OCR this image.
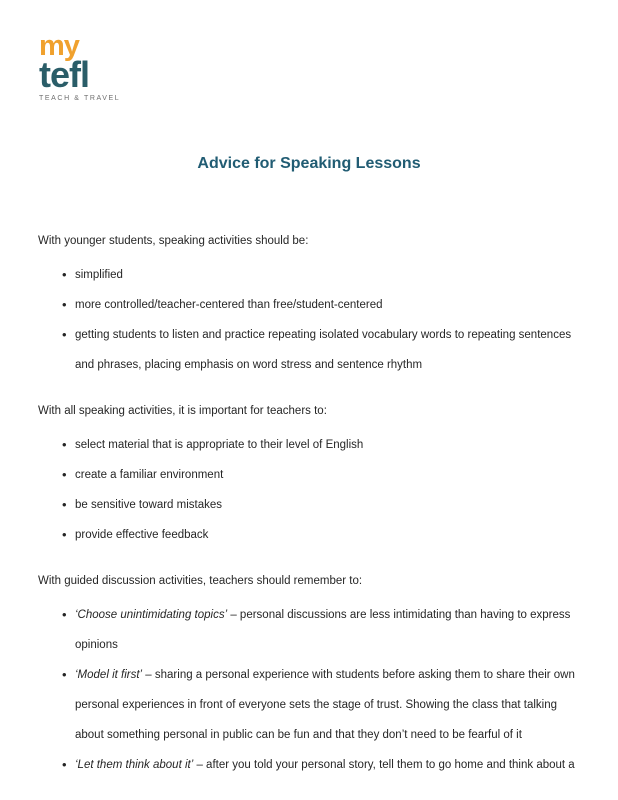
my
tefl
TEACH & TRAVEL
Advice for Speaking Lessons

With younger students, speaking activities should be:

• simplified
• more controlled/teacher-centered than free/student-centered
• getting students to listen and practice repeating isolated vocabulary words to repeating sentences and phrases, placing emphasis on word stress and sentence rhythm

With all speaking activities, it is important for teachers to:

• select material that is appropriate to their level of English
• create a familiar environment
• be sensitive toward mistakes
• provide effective feedback

With guided discussion activities, teachers should remember to:

• ‘Choose unintimidating topics’ – personal discussions are less intimidating than having to express opinions
• ‘Model it first’ – sharing a personal experience with students before asking them to share their own personal experiences in front of everyone sets the stage of trust. Showing the class that talking about something personal in public can be fun and that they don’t need to be fearful of it
• ‘Let them think about it’ – after you told your personal story, tell them to go home and think about a
